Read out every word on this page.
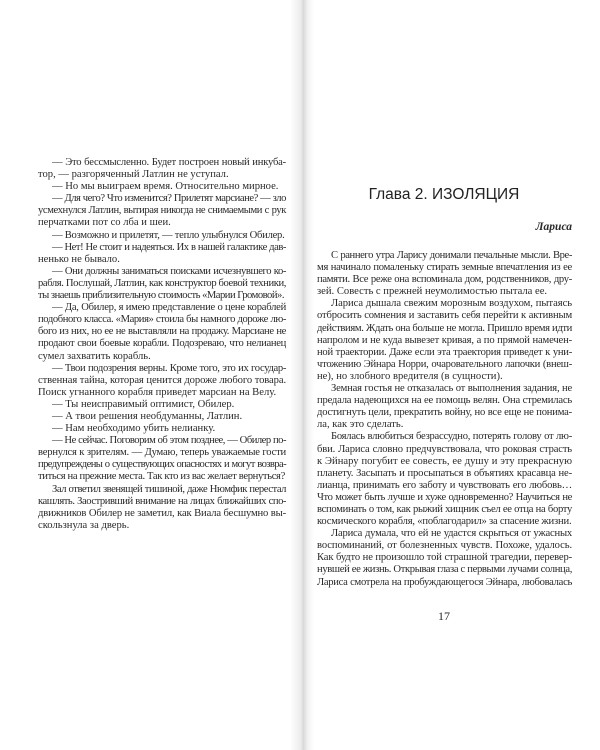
— Это бессмысленно. Будет построен новый инкуба-
тор, — разгоряченный Латлин не уступал.
— Но мы выиграем время. Относительно мирное.
— Для чего? Что изменится? Прилетят марсиане? — зло
усмехнулся Латлин, вытирая никогда не снимаемыми с рук
перчатками пот со лба и шеи.
— Возможно и прилетят, — тепло улыбнулся Обилер.
— Нет! Не стоит и надеяться. Их в нашей галактике дав-
ненько не бывало.
— Они должны заниматься поисками исчезнувшего ко-
рабля. Послушай, Латлин, как конструктор боевой техники,
ты знаешь приблизительную стоимость «Марии Громовой».
— Да, Обилер, я имею представление о цене кораблей
подобного класса. «Мария» стоила бы намного дороже лю-
бого из них, но ее не выставляли на продажу. Марсиане не
продают свои боевые корабли. Подозреваю, что нелианец
сумел захватить корабль.
— Твои подозрения верны. Кроме того, это их государ-
ственная тайна, которая ценится дороже любого товара.
Поиск угнанного корабля приведет марсиан на Велу.
— Ты неисправимый оптимист, Обилер.
— А твои решения необдуманны, Латлин.
— Нам необходимо убить нелианку.
— Не сейчас. Поговорим об этом позднее, — Обилер по-
вернулся к зрителям. — Думаю, теперь уважаемые гости
предупреждены о существующих опасностях и могут возвра-
титься на прежние места. Так кто из вас желает вернуться?
Зал ответил звенящей тишиной, даже Нюмфик перестал
кашлять. Заостривший внимание на лицах ближайших спо-
движников Обилер не заметил, как Виала бесшумно вы-
скользнула за дверь.
Глава 2. ИЗОЛЯЦИЯ
Лариса
С раннего утра Ларису донимали печальные мысли. Вре-
мя начинало помаленьку стирать земные впечатления из ее
памяти. Все реже она вспоминала дом, родственников, дру-
зей. Совесть с прежней неумолимостью пытала ее.
Лариса дышала свежим морозным воздухом, пытаясь
отбросить сомнения и заставить себя перейти к активным
действиям. Ждать она больше не могла. Пришло время идти
напролом и не куда вывезет кривая, а по прямой намечен-
ной траектории. Даже если эта траектория приведет к уни-
чтожению Эйнара Норри, очаровательного лапочки (внеш-
не), но злобного вредителя (в сущности).
Земная гостья не отказалась от выполнения задания, не
предала надеющихся на ее помощь велян. Она стремилась
достигнуть цели, прекратить войну, но все еще не понима-
ла, как это сделать.
Боялась влюбиться безрассудно, потерять голову от лю-
бви. Лариса словно предчувствовала, что роковая страсть
к Эйнару погубит ее совесть, ее душу и эту прекрасную
планету. Засыпать и просыпаться в объятиях красавца не-
лианца, принимать его заботу и чувствовать его любовь…
Что может быть лучше и хуже одновременно? Научиться не
вспоминать о том, как рыжий хищник съел ее отца на борту
космического корабля, «поблагодарил» за спасение жизни.
Лариса думала, что ей не удастся скрыться от ужасных
воспоминаний, от болезненных чувств. Похоже, удалось.
Как будто не произошло той страшной трагедии, перевер-
нувшей ее жизнь. Открывая глаза с первыми лучами солнца,
Лариса смотрела на пробуждающегося Эйнара, любовалась
17
